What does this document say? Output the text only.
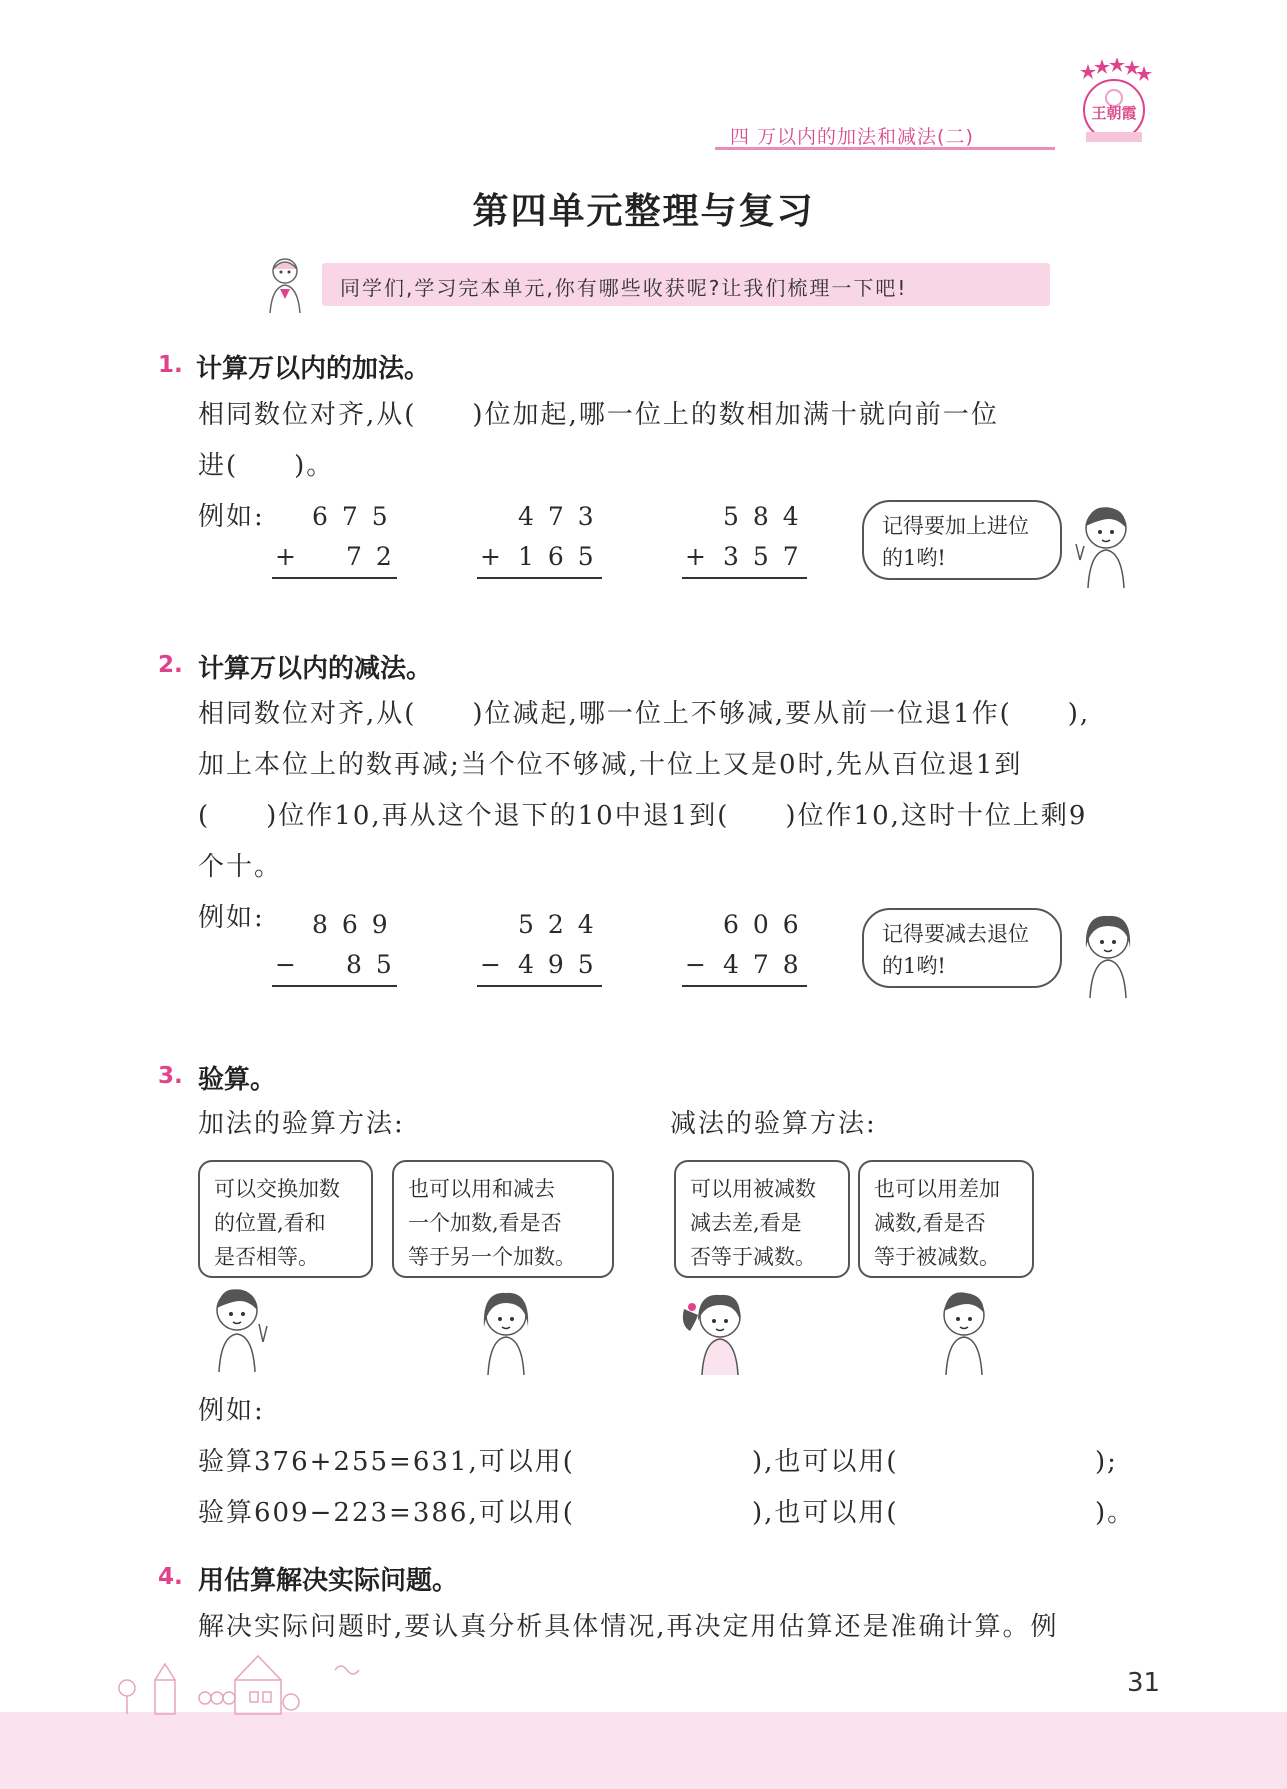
四 万以内的加法和减法(二)
王朝霞
第四单元整理与复习
同学们,学习完本单元,你有哪些收获呢?让我们梳理一下吧!
1. 计算万以内的加法。
相同数位对齐,从(　　)位加起,哪一位上的数相加满十就向前一位
进(　　)。
例如: 675
+ 72
473
+ 165
584
+ 357
记得要加上进位
的1哟!
2. 计算万以内的减法。
相同数位对齐,从(　　)位减起,哪一位上不够减,要从前一位退1作(　　),
加上本位上的数再减;当个位不够减,十位上又是0时,先从百位退1到
(　　)位作10,再从这个退下的10中退1到(　　)位作10,这时十位上剩9
个十。
例如: 869
− 85
524
− 495
606
− 478
记得要减去退位
的1哟!
3. 验算。
加法的验算方法:	减法的验算方法:
可以交换加数
的位置,看和
是否相等。
也可以用和减去
一个加数,看是否
等于另一个加数。
可以用被减数
减去差,看是
否等于减数。
也可以用差加
减数,看是否
等于被减数。
例如:
验算376+255=631,可以用(	),也可以用(	);
验算609−223=386,可以用(	),也可以用(	)。
4. 用估算解决实际问题。
解决实际问题时,要认真分析具体情况,再决定用估算还是准确计算。例
31
